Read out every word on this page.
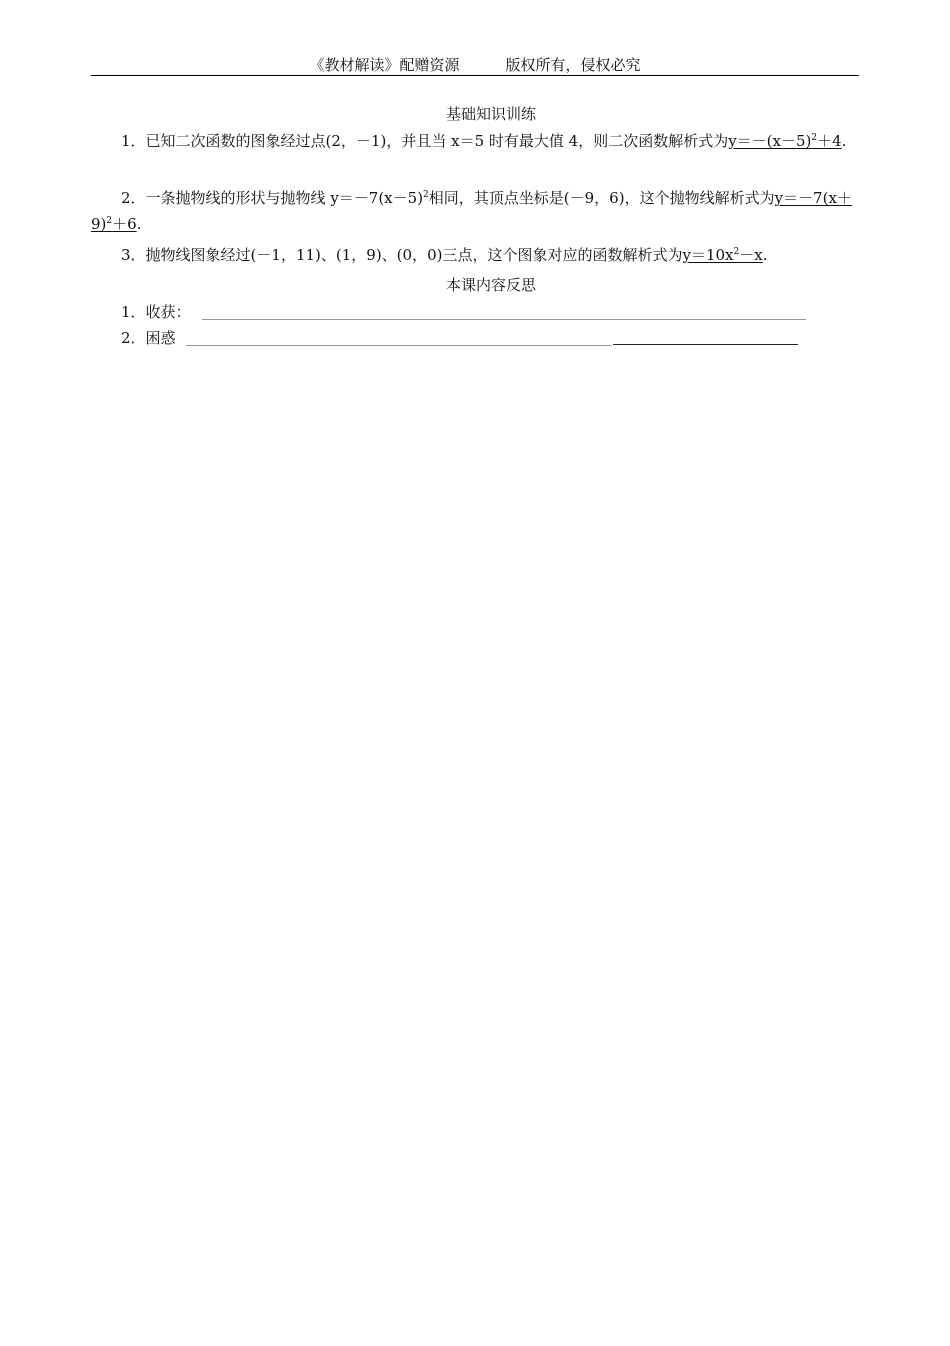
《教材解读》配赠资源	版权所有，侵权必究
基础知识训练
1．已知二次函数的图象经过点(2，－1)，并且当 x＝5 时有最大值 4，则二次函数解析式为$y=-(x-5)^2+4$.
2．一条抛物线的形状与抛物线 $y=-7(x-5)^2$相同，其顶点坐标是(－9，6)，这个抛物线解析式为$y=-7(x+9)^2+6$.
3．抛物线图象经过(－1，11)、(1，9)、(0，0)三点，这个图象对应的函数解析式为$y=10x^2-x$.
本课内容反思
1．收获：
2．困惑
